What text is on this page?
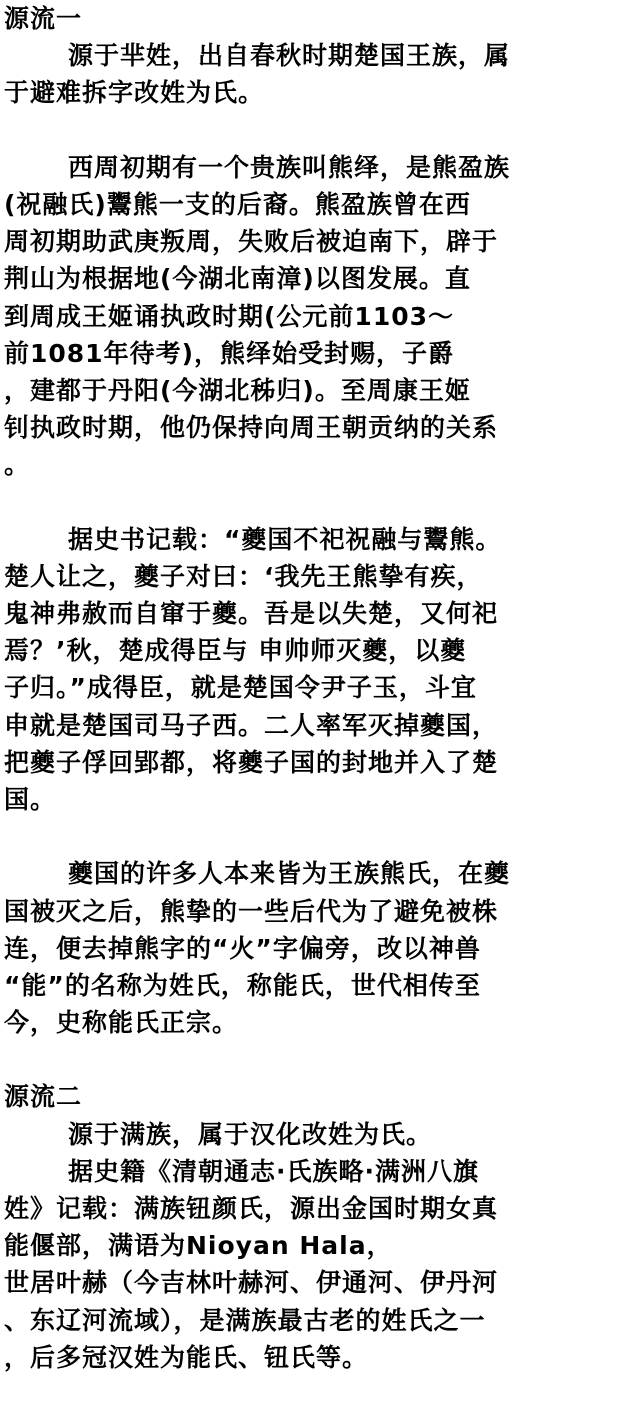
源流一
源于芈姓，出自春秋时期楚国王族，属
于避难拆字改姓为氏。
西周初期有一个贵族叫熊绎，是熊盈族
(祝融氏)鬻熊一支的后裔。熊盈族曾在西
周初期助武庚叛周，失败后被迫南下，辟于
荆山为根据地(今湖北南漳)以图发展。直
到周成王姬诵执政时期(公元前1103～
前1081年待考)，熊绎始受封赐，子爵
，建都于丹阳(今湖北秭归)。至周康王姬
钊执政时期，他仍保持向周王朝贡纳的关系
。
据史书记载：“夔国不祀祝融与鬻熊。
楚人让之，夔子对曰：‘我先王熊挚有疾，
鬼神弗赦而自窜于夔。吾是以失楚，又何祀
焉？’秋，楚成得臣与 申帅师灭夔，以夔
子归。”成得臣，就是楚国令尹子玉，斗宜
申就是楚国司马子西。二人率军灭掉夔国，
把夔子俘回郢都，将夔子国的封地并入了楚
国。
夔国的许多人本来皆为王族熊氏，在夔
国被灭之后，熊挚的一些后代为了避免被株
连，便去掉熊字的“火”字偏旁，改以神兽
“能”的名称为姓氏，称能氏，世代相传至
今，史称能氏正宗。
源流二
源于满族，属于汉化改姓为氏。
据史籍《清朝通志·氏族略·满洲八旗
姓》记载：满族钮颜氏，源出金国时期女真
能偃部，满语为Nioyan Hala，
世居叶赫（今吉林叶赫河、伊通河、伊丹河
、东辽河流域），是满族最古老的姓氏之一
，后多冠汉姓为能氏、钮氏等。
